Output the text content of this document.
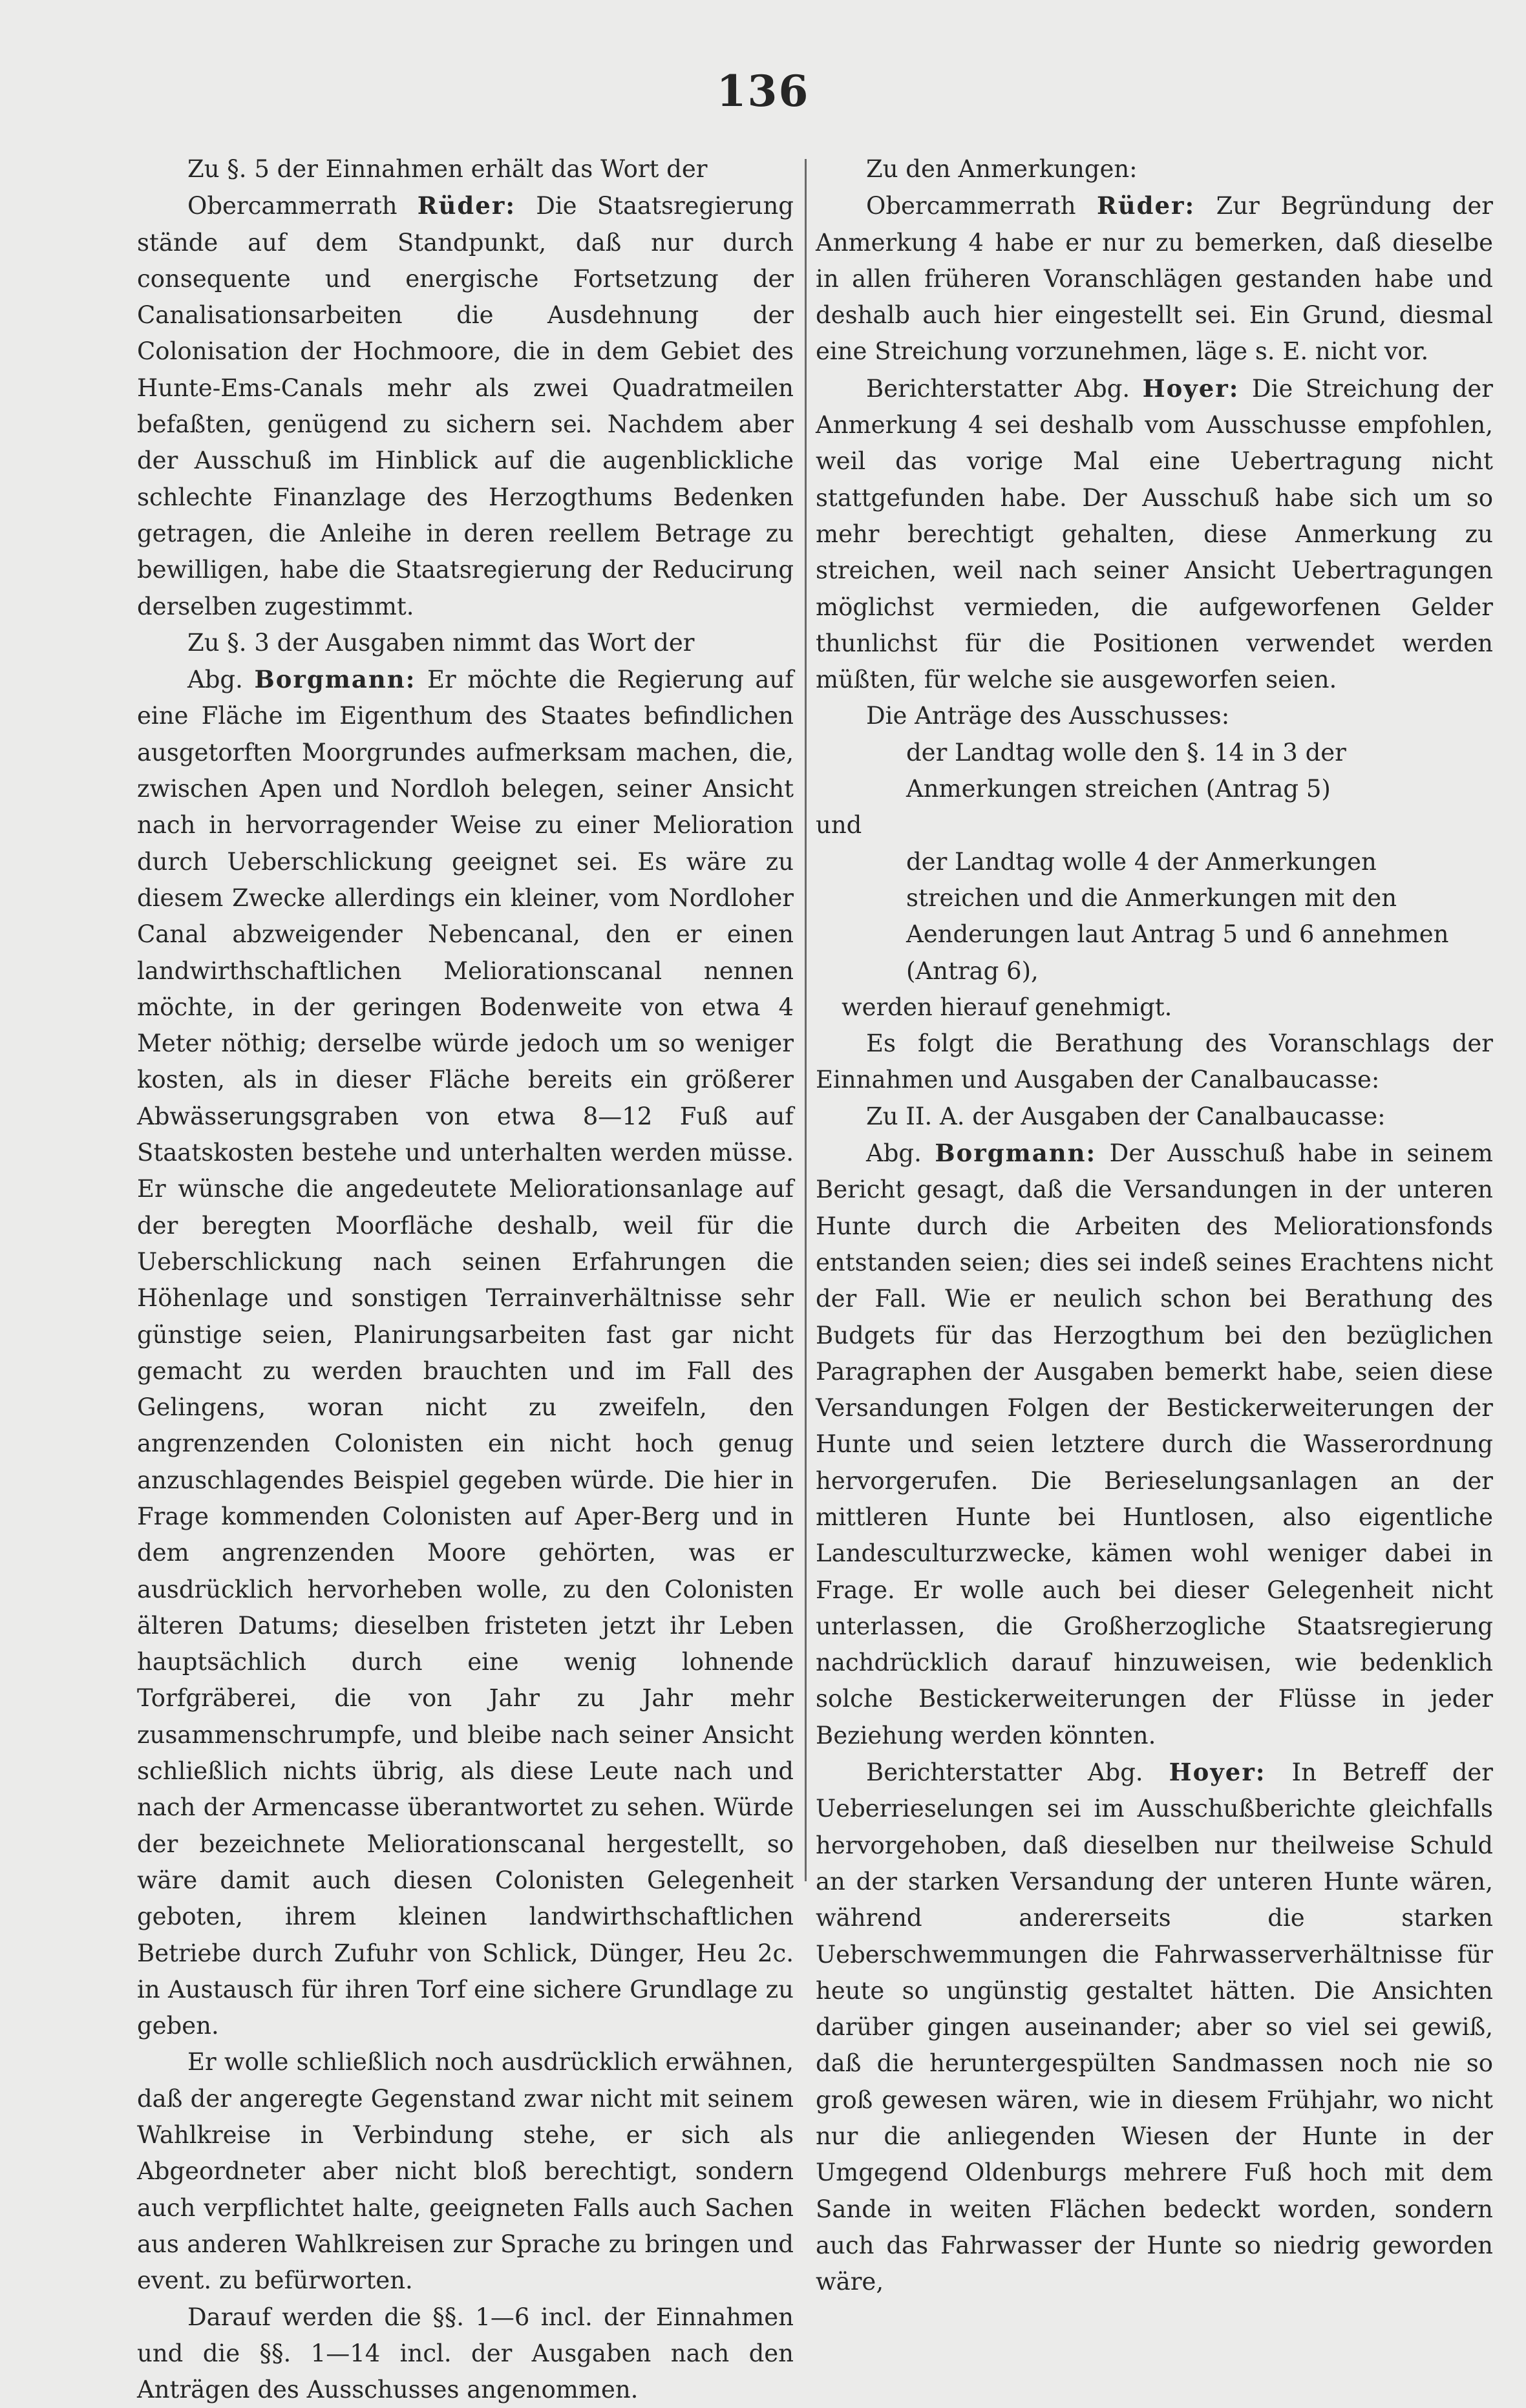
136

Zu §. 5 der Einnahmen erhält das Wort der

Obercammerrath Rüder: Die Staatsregierung stände auf dem Standpunkt, daß nur durch consequente und energische Fortsetzung der Canalisationsarbeiten die Ausdehnung der Colonisation der Hochmoore, die in dem Gebiet des Hunte-Ems-Canals mehr als zwei Quadratmeilen befaßten, genügend zu sichern sei. Nachdem aber der Ausschuß im Hinblick auf die augenblickliche schlechte Finanzlage des Herzogthums Bedenken getragen, die Anleihe in deren reellem Betrage zu bewilligen, habe die Staatsregierung der Reducirung derselben zugestimmt.

Zu §. 3 der Ausgaben nimmt das Wort der

Abg. Borgmann: Er möchte die Regierung auf eine Fläche im Eigenthum des Staates befindlichen ausgetorften Moorgrundes aufmerksam machen, die, zwischen Apen und Nordloh belegen, seiner Ansicht nach in hervorragender Weise zu einer Melioration durch Ueberschlickung geeignet sei. Es wäre zu diesem Zwecke allerdings ein kleiner, vom Nordloher Canal abzweigender Nebencanal, den er einen landwirthschaftlichen Meliorationscanal nennen möchte, in der geringen Bodenweite von etwa 4 Meter nöthig; derselbe würde jedoch um so weniger kosten, als in dieser Fläche bereits ein größerer Abwässerungsgraben von etwa 8—12 Fuß auf Staatskosten bestehe und unterhalten werden müsse. Er wünsche die angedeutete Meliorationsanlage auf der beregten Moorfläche deshalb, weil für die Ueberschlickung nach seinen Erfahrungen die Höhenlage und sonstigen Terrainverhältnisse sehr günstige seien, Planirungsarbeiten fast gar nicht gemacht zu werden brauchten und im Fall des Gelingens, woran nicht zu zweifeln, den angrenzenden Colonisten ein nicht hoch genug anzuschlagendes Beispiel gegeben würde. Die hier in Frage kommenden Colonisten auf Aper-Berg und in dem angrenzenden Moore gehörten, was er ausdrücklich hervorheben wolle, zu den Colonisten älteren Datums; dieselben fristeten jetzt ihr Leben hauptsächlich durch eine wenig lohnende Torfgräberei, die von Jahr zu Jahr mehr zusammenschrumpfe, und bleibe nach seiner Ansicht schließlich nichts übrig, als diese Leute nach und nach der Armencasse überantwortet zu sehen. Würde der bezeichnete Meliorationscanal hergestellt, so wäre damit auch diesen Colonisten Gelegenheit geboten, ihrem kleinen landwirthschaftlichen Betriebe durch Zufuhr von Schlick, Dünger, Heu 2c. in Austausch für ihren Torf eine sichere Grundlage zu geben.

Er wolle schließlich noch ausdrücklich erwähnen, daß der angeregte Gegenstand zwar nicht mit seinem Wahlkreise in Verbindung stehe, er sich als Abgeordneter aber nicht bloß berechtigt, sondern auch verpflichtet halte, geeigneten Falls auch Sachen aus anderen Wahlkreisen zur Sprache zu bringen und event. zu befürworten.

Darauf werden die §§. 1—6 incl. der Einnahmen und die §§. 1—14 incl. der Ausgaben nach den Anträgen des Ausschusses angenommen.

Zu den Anmerkungen:

Obercammerrath Rüder: Zur Begründung der Anmerkung 4 habe er nur zu bemerken, daß dieselbe in allen früheren Voranschlägen gestanden habe und deshalb auch hier eingestellt sei. Ein Grund, diesmal eine Streichung vorzunehmen, läge s. E. nicht vor.

Berichterstatter Abg. Hoyer: Die Streichung der Anmerkung 4 sei deshalb vom Ausschusse empfohlen, weil das vorige Mal eine Uebertragung nicht stattgefunden habe. Der Ausschuß habe sich um so mehr berechtigt gehalten, diese Anmerkung zu streichen, weil nach seiner Ansicht Uebertragungen möglichst vermieden, die aufgeworfenen Gelder thunlichst für die Positionen verwendet werden müßten, für welche sie ausgeworfen seien.

Die Anträge des Ausschusses:

der Landtag wolle den §. 14 in 3 der Anmerkungen streichen (Antrag 5)

und

der Landtag wolle 4 der Anmerkungen streichen und die Anmerkungen mit den Aenderungen laut Antrag 5 und 6 annehmen (Antrag 6),

werden hierauf genehmigt.

Es folgt die Berathung des Voranschlags der Einnahmen und Ausgaben der Canalbaucasse:

Zu II. A. der Ausgaben der Canalbaucasse:

Abg. Borgmann: Der Ausschuß habe in seinem Bericht gesagt, daß die Versandungen in der unteren Hunte durch die Arbeiten des Meliorationsfonds entstanden seien; dies sei indeß seines Erachtens nicht der Fall. Wie er neulich schon bei Berathung des Budgets für das Herzogthum bei den bezüglichen Paragraphen der Ausgaben bemerkt habe, seien diese Versandungen Folgen der Bestickerweiterungen der Hunte und seien letztere durch die Wasserordnung hervorgerufen. Die Berieselungsanlagen an der mittleren Hunte bei Huntlosen, also eigentliche Landesculturzwecke, kämen wohl weniger dabei in Frage. Er wolle auch bei dieser Gelegenheit nicht unterlassen, die Großherzogliche Staatsregierung nachdrücklich darauf hinzuweisen, wie bedenklich solche Bestickerweiterungen der Flüsse in jeder Beziehung werden könnten.

Berichterstatter Abg. Hoyer: In Betreff der Ueberrieselungen sei im Ausschußberichte gleichfalls hervorgehoben, daß dieselben nur theilweise Schuld an der starken Versandung der unteren Hunte wären, während andererseits die starken Ueberschwemmungen die Fahrwasserverhältnisse für heute so ungünstig gestaltet hätten. Die Ansichten darüber gingen auseinander; aber so viel sei gewiß, daß die heruntergespülten Sandmassen noch nie so groß gewesen wären, wie in diesem Frühjahr, wo nicht nur die anliegenden Wiesen der Hunte in der Umgegend Oldenburgs mehrere Fuß hoch mit dem Sande in weiten Flächen bedeckt worden, sondern auch das Fahrwasser der Hunte so niedrig geworden wäre,
